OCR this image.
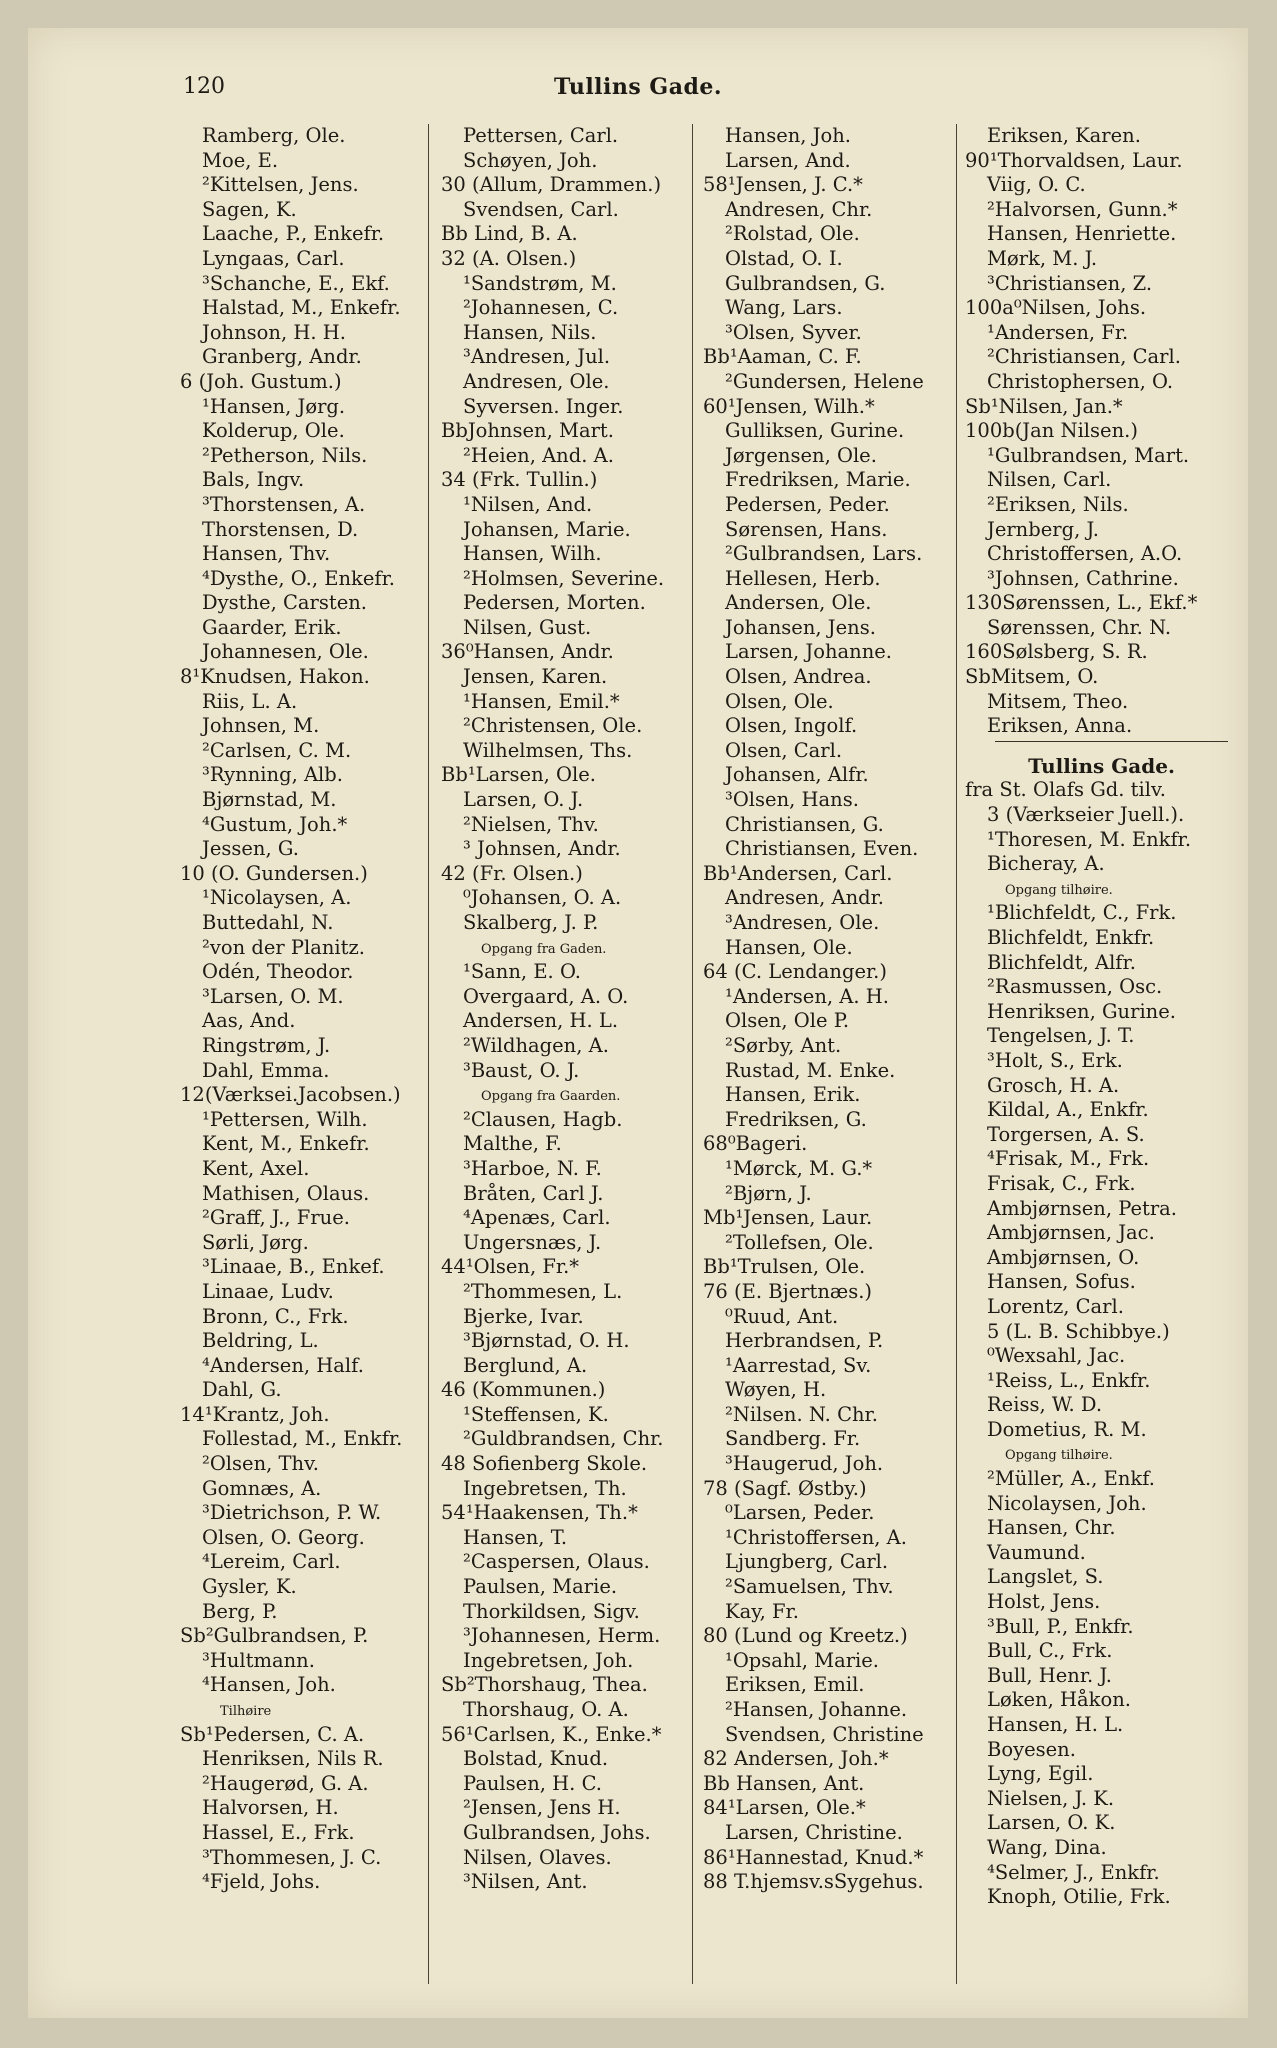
120	Tullins Gade.
Ramberg, Ole.
Moe, E.
²Kittelsen, Jens.
Sagen, K.
Laache, P., Enkefr.
Lyngaas, Carl.
³Schanche, E., Ekf.
Halstad, M., Enkefr.
Johnson, H. H.
Granberg, Andr.
6 (Joh. Gustum.)
¹Hansen, Jørg.
Kolderup, Ole.
²Petherson, Nils.
Bals, Ingv.
³Thorstensen, A.
Thorstensen, D.
Hansen, Thv.
⁴Dysthe, O., Enkefr.
Dysthe, Carsten.
Gaarder, Erik.
Johannesen, Ole.
8¹Knudsen, Hakon.
Riis, L. A.
Johnsen, M.
²Carlsen, C. M.
³Rynning, Alb.
Bjørnstad, M.
⁴Gustum, Joh.*
Jessen, G.
10 (O. Gundersen.)
¹Nicolaysen, A.
Buttedahl, N.
²von der Planitz.
Odén, Theodor.
³Larsen, O. M.
Aas, And.
Ringstrøm, J.
Dahl, Emma.
12(Værksei.Jacobsen.)
¹Pettersen, Wilh.
Kent, M., Enkefr.
Kent, Axel.
Mathisen, Olaus.
²Graff, J., Frue.
Sørli, Jørg.
³Linaae, B., Enkef.
Linaae, Ludv.
Bronn, C., Frk.
Beldring, L.
⁴Andersen, Half.
Dahl, G.
14¹Krantz, Joh.
Follestad, M., Enkfr.
²Olsen, Thv.
Gomnæs, A.
³Dietrichson, P. W.
Olsen, O. Georg.
⁴Lereim, Carl.
Gysler, K.
Berg, P.
Sb²Gulbrandsen, P.
³Hultmann.
⁴Hansen, Joh.
Tilhøire
Sb¹Pedersen, C. A.
Henriksen, Nils R.
²Haugerød, G. A.
Halvorsen, H.
Hassel, E., Frk.
³Thommesen, J. C.
⁴Fjeld, Johs.
Pettersen, Carl.
Schøyen, Joh.
30 (Allum, Drammen.)
Svendsen, Carl.
Bb Lind, B. A.
32 (A. Olsen.)
¹Sandstrøm, M.
²Johannesen, C.
Hansen, Nils.
³Andresen, Jul.
Andresen, Ole.
Syversen. Inger.
BbJohnsen, Mart.
²Heien, And. A.
34 (Frk. Tullin.)
¹Nilsen, And.
Johansen, Marie.
Hansen, Wilh.
²Holmsen, Severine.
Pedersen, Morten.
Nilsen, Gust.
36⁰Hansen, Andr.
Jensen, Karen.
¹Hansen, Emil.*
²Christensen, Ole.
Wilhelmsen, Ths.
Bb¹Larsen, Ole.
Larsen, O. J.
²Nielsen, Thv.
³ Johnsen, Andr.
42 (Fr. Olsen.)
⁰Johansen, O. A.
Skalberg, J. P.
Opgang fra Gaden.
¹Sann, E. O.
Overgaard, A. O.
Andersen, H. L.
²Wildhagen, A.
³Baust, O. J.
Opgang fra Gaarden.
²Clausen, Hagb.
Malthe, F.
³Harboe, N. F.
Bråten, Carl J.
⁴Apenæs, Carl.
Ungersnæs, J.
44¹Olsen, Fr.*
²Thommesen, L.
Bjerke, Ivar.
³Bjørnstad, O. H.
Berglund, A.
46 (Kommunen.)
¹Steffensen, K.
²Guldbrandsen, Chr.
48 Sofienberg Skole.
Ingebretsen, Th.
54¹Haakensen, Th.*
Hansen, T.
²Caspersen, Olaus.
Paulsen, Marie.
Thorkildsen, Sigv.
³Johannesen, Herm.
Ingebretsen, Joh.
Sb²Thorshaug, Thea.
Thorshaug, O. A.
56¹Carlsen, K., Enke.*
Bolstad, Knud.
Paulsen, H. C.
²Jensen, Jens H.
Gulbrandsen, Johs.
Nilsen, Olaves.
³Nilsen, Ant.
Hansen, Joh.
Larsen, And.
58¹Jensen, J. C.*
Andresen, Chr.
²Rolstad, Ole.
Olstad, O. I.
Gulbrandsen, G.
Wang, Lars.
³Olsen, Syver.
Bb¹Aaman, C. F.
²Gundersen, Helene
60¹Jensen, Wilh.*
Gulliksen, Gurine.
Jørgensen, Ole.
Fredriksen, Marie.
Pedersen, Peder.
Sørensen, Hans.
²Gulbrandsen, Lars.
Hellesen, Herb.
Andersen, Ole.
Johansen, Jens.
Larsen, Johanne.
Olsen, Andrea.
Olsen, Ole.
Olsen, Ingolf.
Olsen, Carl.
Johansen, Alfr.
³Olsen, Hans.
Christiansen, G.
Christiansen, Even.
Bb¹Andersen, Carl.
Andresen, Andr.
³Andresen, Ole.
Hansen, Ole.
64 (C. Lendanger.)
¹Andersen, A. H.
Olsen, Ole P.
²Sørby, Ant.
Rustad, M. Enke.
Hansen, Erik.
Fredriksen, G.
68⁰Bageri.
¹Mørck, M. G.*
²Bjørn, J.
Mb¹Jensen, Laur.
²Tollefsen, Ole.
Bb¹Trulsen, Ole.
76 (E. Bjertnæs.)
⁰Ruud, Ant.
Herbrandsen, P.
¹Aarrestad, Sv.
Wøyen, H.
²Nilsen. N. Chr.
Sandberg. Fr.
³Haugerud, Joh.
78 (Sagf. Østby.)
⁰Larsen, Peder.
¹Christoffersen, A.
Ljungberg, Carl.
²Samuelsen, Thv.
Kay, Fr.
80 (Lund og Kreetz.)
¹Opsahl, Marie.
Eriksen, Emil.
²Hansen, Johanne.
Svendsen, Christine
82 Andersen, Joh.*
Bb Hansen, Ant.
84¹Larsen, Ole.*
Larsen, Christine.
86¹Hannestad, Knud.*
88 T.hjemsv.sSygehus.
Eriksen, Karen.
90¹Thorvaldsen, Laur.
Viig, O. C.
²Halvorsen, Gunn.*
Hansen, Henriette.
Mørk, M. J.
³Christiansen, Z.
100a⁰Nilsen, Johs.
¹Andersen, Fr.
²Christiansen, Carl.
Christophersen, O.
Sb¹Nilsen, Jan.*
100b(Jan Nilsen.)
¹Gulbrandsen, Mart.
Nilsen, Carl.
²Eriksen, Nils.
Jernberg, J.
Christoffersen, A.O.
³Johnsen, Cathrine.
130Sørenssen, L., Ekf.*
Sørenssen, Chr. N.
160Sølsberg, S. R.
SbMitsem, O.
Mitsem, Theo.
Eriksen, Anna.
Tullins Gade.
fra St. Olafs Gd. tilv.
3 (Værkseier Juell.).
¹Thoresen, M. Enkfr.
Bicheray, A.
Opgang tilhøire.
¹Blichfeldt, C., Frk.
Blichfeldt, Enkfr.
Blichfeldt, Alfr.
²Rasmussen, Osc.
Henriksen, Gurine.
Tengelsen, J. T.
³Holt, S., Erk.
Grosch, H. A.
Kildal, A., Enkfr.
Torgersen, A. S.
⁴Frisak, M., Frk.
Frisak, C., Frk.
Ambjørnsen, Petra.
Ambjørnsen, Jac.
Ambjørnsen, O.
Hansen, Sofus.
Lorentz, Carl.
5 (L. B. Schibbye.)
⁰Wexsahl, Jac.
¹Reiss, L., Enkfr.
Reiss, W. D.
Dometius, R. M.
Opgang tilhøire.
²Müller, A., Enkf.
Nicolaysen, Joh.
Hansen, Chr.
Vaumund.
Langslet, S.
Holst, Jens.
³Bull, P., Enkfr.
Bull, C., Frk.
Bull, Henr. J.
Løken, Håkon.
Hansen, H. L.
Boyesen.
Lyng, Egil.
Nielsen, J. K.
Larsen, O. K.
Wang, Dina.
⁴Selmer, J., Enkfr.
Knoph, Otilie, Frk.
